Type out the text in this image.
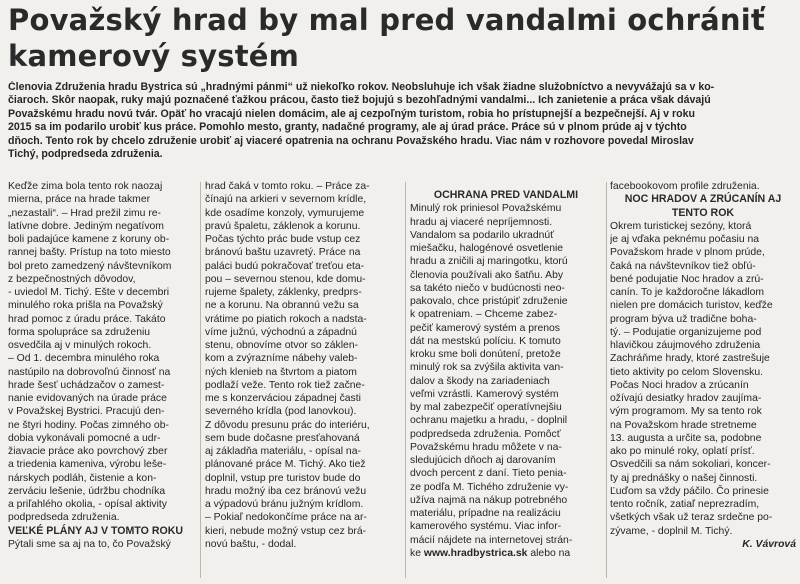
Považský hrad by mal pred vandalmi ochrániť
kamerový systém
Členovia Združenia hradu Bystrica sú „hradnými pánmi“ už niekoľko rokov. Neobsluhuje ich však žiadne služobníctvo a nevyvážajú sa v ko-
čiaroch. Skôr naopak, ruky majú poznačené ťažkou prácou, často tiež bojujú s bezohľadnými vandalmi... Ich zanietenie a práca však dávajú
Považskému hradu novú tvár. Opäť ho vracajú nielen domácim, ale aj cezpoľným turistom, robia ho prístupnejší a bezpečnejší. Aj v roku
2015 sa im podarilo urobiť kus práce. Pomohlo mesto, granty, nadačné programy, ale aj úrad práce. Práce sú v plnom prúde aj v týchto
dňoch. Tento rok by chcelo združenie urobiť aj viaceré opatrenia na ochranu Považského hradu. Viac nám v rozhovore povedal Miroslav
Tichý, podpredseda združenia.
Keďže zima bola tento rok naozaj
mierna, práce na hrade takmer
„nezastali“. – Hrad prežil zimu re-
latívne dobre. Jediným negatívom
boli padajúce kamene z koruny ob-
rannej bašty. Prístup na toto miesto
bol preto zamedzený návštevníkom
z bezpečnostných dôvodov,
- uviedol M. Tichý. Ešte v decembri
minulého roka prišla na Považský
hrad pomoc z úradu práce. Takáto
forma spolupráce sa združeniu
osvedčila aj v minulých rokoch.
– Od 1. decembra minulého roka
nastúpilo na dobrovoľnú činnosť na
hrade šesť uchádzačov o zamest-
nanie evidovaných na úrade práce
v Považskej Bystrici. Pracujú den-
ne štyri hodiny. Počas zimného ob-
dobia vykonávali pomocné a udr-
žiavacie práce ako povrchový zber
a triedenia kameniva, výrobu leše-
nárskych podláh, čistenie a kon-
zerváciu lešenie, údržbu chodníka
a priľahlého okolia, - opísal aktivity
podpredseda združenia.
VEĽKÉ PLÁNY AJ V TOMTO ROKU
Pýtali sme sa aj na to, čo Považský
hrad čaká v tomto roku. – Práce za-
čínajú na arkieri v severnom krídle,
kde osadíme konzoly, vymurujeme
pravú špaletu, záklenok a korunu.
Počas týchto prác bude vstup cez
bránovú baštu uzavretý. Práce na
paláci budú pokračovať treťou eta-
pou – severnou stenou, kde domu-
rujeme špalety, záklenky, predprs-
ne a korunu. Na obrannú vežu sa
vrátime po piatich rokoch a nadsta-
víme južnú, východnú a západnú
stenu, obnovíme otvor so záklen-
kom a zvýrazníme nábehy valeb-
ných klenieb na štvrtom a piatom
podlaží veže. Tento rok tiež začne-
me s konzerváciou západnej časti
severného krídla (pod lanovkou).
Z dôvodu presunu prác do interiéru,
sem bude dočasne presťahovaná
aj základňa materiálu, - opísal na-
plánované práce M. Tichý. Ako tiež
doplnil, vstup pre turistov bude do
hradu možný iba cez bránovú vežu
a výpadovú bránu južným krídlom.
– Pokiaľ nedokončíme práce na ar-
kieri, nebude možný vstup cez brá-
novú baštu, - dodal.
OCHRANA PRED VANDALMI
Minulý rok priniesol Považskému
hradu aj viaceré nepríjemnosti.
Vandalom sa podarilo ukradnúť
miešačku, halogénové osvetlenie
hradu a zničili aj maringotku, ktorú
členovia používali ako šatňu. Aby
sa takéto niečo v budúcnosti neo-
pakovalo, chce pristúpiť združenie
k opatreniam. – Chceme zabez-
pečiť kamerový systém a prenos
dát na mestskú políciu. K tomuto
kroku sme boli donútení, pretože
minulý rok sa zvýšila aktivita van-
dalov a škody na zariadeniach
veľmi vzrástli. Kamerový systém
by mal zabezpečiť operatívnejšiu
ochranu majetku a hradu, - doplnil
podpredseda združenia. Pomôcť
Považskému hradu môžete v na-
sledujúcich dňoch aj darovaním
dvoch percent z daní. Tieto penia-
ze podľa M. Tichého združenie vy-
užíva najmä na nákup potrebného
materiálu, prípadne na realizáciu
kamerového systému. Viac infor-
mácií nájdete na internetovej strán-
ke www.hradbystrica.sk alebo na
facebookovom profile združenia.
NOC HRADOV A ZRÚCANÍN AJ
TENTO ROK
Okrem turistickej sezóny, ktorá
je aj vďaka peknému počasiu na
Považskom hrade v plnom prúde,
čaká na návštevníkov tiež obľú-
bené podujatie Noc hradov a zrú-
canín. To je každoročne lákadlom
nielen pre domácich turistov, keďže
program býva už tradične boha-
tý. – Podujatie organizujeme pod
hlavičkou záujmového združenia
Zachráňme hrady, ktoré zastrešuje
tieto aktivity po celom Slovensku.
Počas Noci hradov a zrúcanín
ožívajú desiatky hradov zaujíma-
vým programom. My sa tento rok
na Považskom hrade stretneme
13. augusta a určite sa, podobne
ako po minulé roky, oplatí prísť.
Osvedčili sa nám sokoliari, koncer-
ty aj prednášky o našej činnosti.
Ľuďom sa vždy páčilo. Čo prinesie
tento ročník, zatiaľ neprezradím,
všetkých však už teraz srdečne po-
zývame, - doplnil M. Tichý.
K. Vávrová
